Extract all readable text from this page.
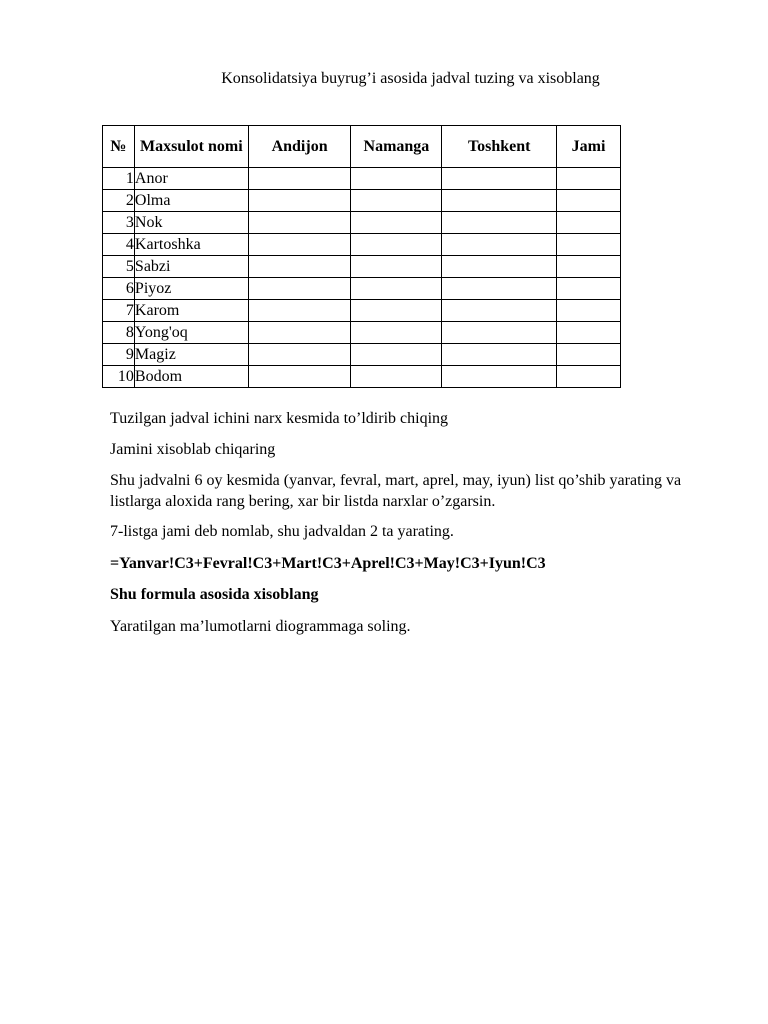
Konsolidatsiya buyrug’i asosida jadval tuzing va xisoblang
№	Maxsulot nomi	Andijon	Namanga	Toshkent	Jami
1	Anor				
2	Olma				
3	Nok				
4	Kartoshka				
5	Sabzi				
6	Piyoz				
7	Karom				
8	Yong'oq				
9	Magiz				
10	Bodom				
Tuzilgan jadval ichini narx kesmida to’ldirib chiqing
Jamini xisoblab chiqaring
Shu jadvalni 6 oy kesmida (yanvar, fevral, mart, aprel, may, iyun) list qo’shib yarating va listlarga aloxida rang bering, xar bir listda narxlar o’zgarsin.
7-listga jami deb nomlab, shu jadvaldan 2 ta yarating.
=Yanvar!C3+Fevral!C3+Mart!C3+Aprel!C3+May!C3+Iyun!C3
Shu formula asosida xisoblang
Yaratilgan ma’lumotlarni diogrammaga soling.
